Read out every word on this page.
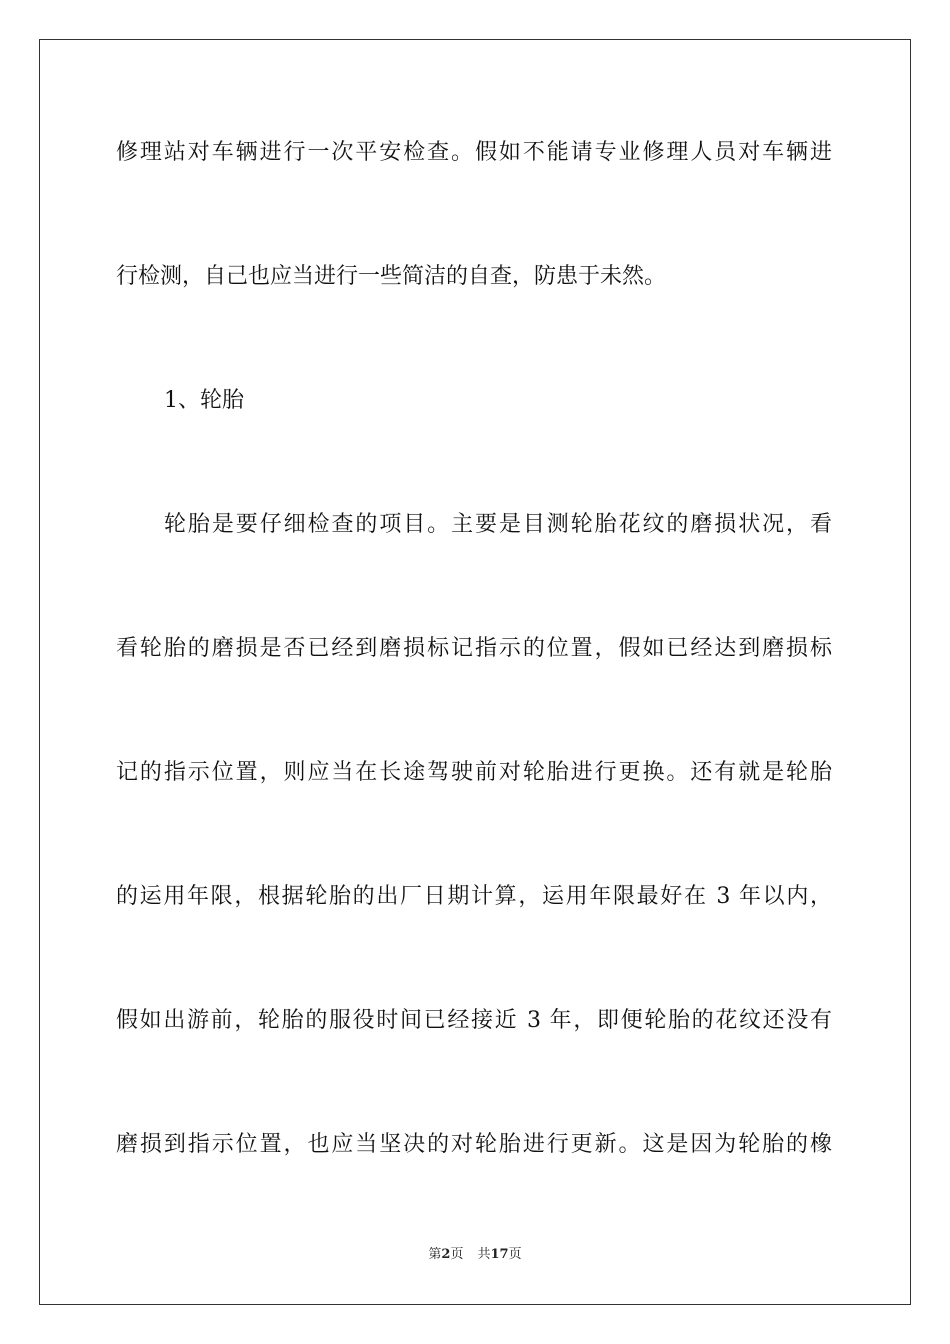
修理站对车辆进行一次平安检查。假如不能请专业修理人员对车辆进
行检测，自己也应当进行一些简洁的自查，防患于未然。
1、轮胎
轮胎是要仔细检查的项目。主要是目测轮胎花纹的磨损状况，看
看轮胎的磨损是否已经到磨损标记指示的位置，假如已经达到磨损标
记的指示位置，则应当在长途驾驶前对轮胎进行更换。还有就是轮胎
的运用年限，根据轮胎的出厂日期计算，运用年限最好在 3 年以内，
假如出游前，轮胎的服役时间已经接近 3 年，即便轮胎的花纹还没有
磨损到指示位置，也应当坚决的对轮胎进行更新。这是因为轮胎的橡
第2页 共17页
